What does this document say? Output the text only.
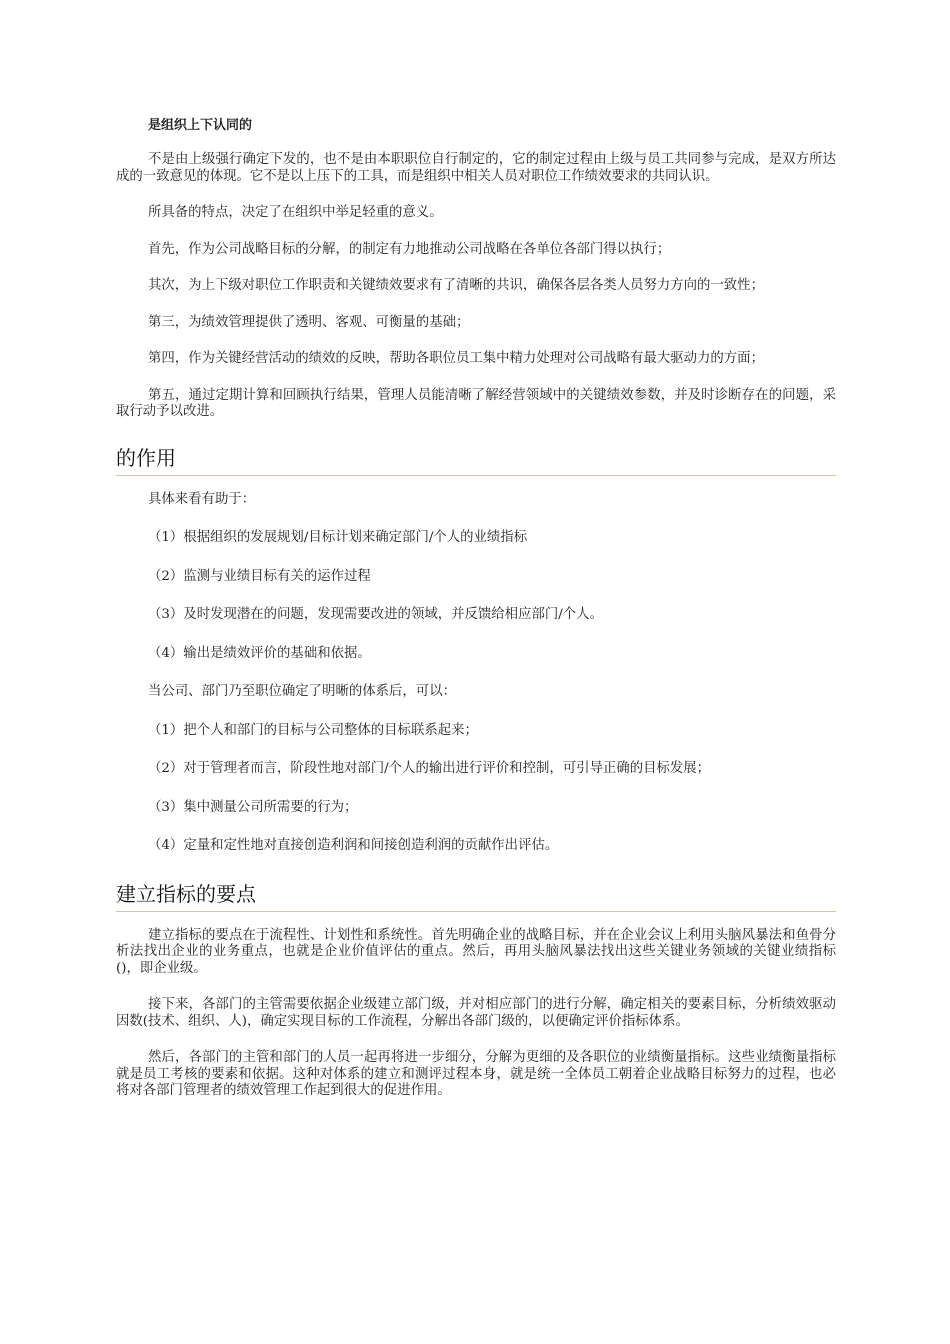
是组织上下认同的

不是由上级强行确定下发的，也不是由本职职位自行制定的，它的制定过程由上级与员工共同参与完成，是双方所达成的一致意见的体现。它不是以上压下的工具，而是组织中相关人员对职位工作绩效要求的共同认识。

所具备的特点，决定了在组织中举足轻重的意义。

首先，作为公司战略目标的分解，的制定有力地推动公司战略在各单位各部门得以执行；

其次，为上下级对职位工作职责和关键绩效要求有了清晰的共识，确保各层各类人员努力方向的一致性；

第三，为绩效管理提供了透明、客观、可衡量的基础；

第四，作为关键经营活动的绩效的反映，帮助各职位员工集中精力处理对公司战略有最大驱动力的方面；

第五，通过定期计算和回顾执行结果，管理人员能清晰了解经营领域中的关键绩效参数，并及时诊断存在的问题，采取行动予以改进。

的作用

具体来看有助于：

（1）根据组织的发展规划/目标计划来确定部门/个人的业绩指标
（2）监测与业绩目标有关的运作过程
（3）及时发现潜在的问题，发现需要改进的领域，并反馈给相应部门/个人。
（4）输出是绩效评价的基础和依据。

当公司、部门乃至职位确定了明晰的体系后，可以：

（1）把个人和部门的目标与公司整体的目标联系起来；
（2）对于管理者而言，阶段性地对部门/个人的输出进行评价和控制，可引导正确的目标发展；
（3）集中测量公司所需要的行为；
（4）定量和定性地对直接创造利润和间接创造利润的贡献作出评估。
建立指标的要点

建立指标的要点在于流程性、计划性和系统性。首先明确企业的战略目标，并在企业会议上利用头脑风暴法和鱼骨分析法找出企业的业务重点，也就是企业价值评估的重点。然后，再用头脑风暴法找出这些关键业务领域的关键业绩指标()，即企业级。

接下来，各部门的主管需要依据企业级建立部门级，并对相应部门的进行分解，确定相关的要素目标，分析绩效驱动因数(技术、组织、人)，确定实现目标的工作流程，分解出各部门级的，以便确定评价指标体系。

然后，各部门的主管和部门的人员一起再将进一步细分，分解为更细的及各职位的业绩衡量指标。这些业绩衡量指标就是员工考核的要素和依据。这种对体系的建立和测评过程本身，就是统一全体员工朝着企业战略目标努力的过程，也必将对各部门管理者的绩效管理工作起到很大的促进作用。
